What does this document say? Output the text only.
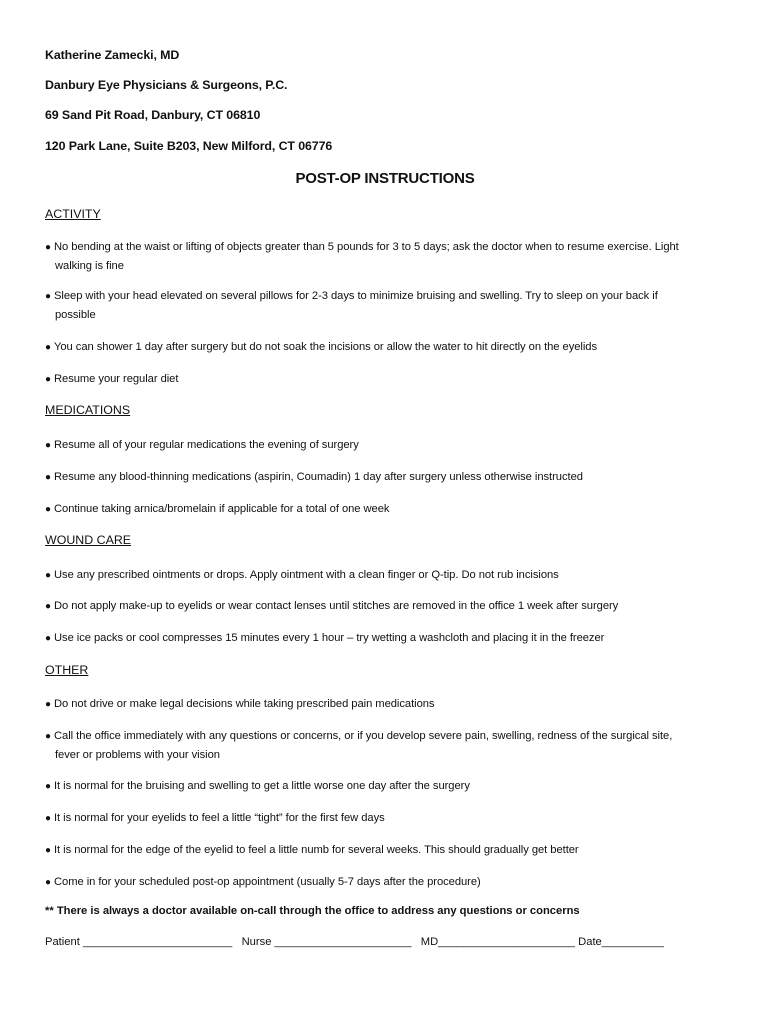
Katherine Zamecki, MD
Danbury Eye Physicians & Surgeons, P.C.
69 Sand Pit Road, Danbury, CT 06810
120 Park Lane, Suite B203, New Milford, CT 06776
POST-OP INSTRUCTIONS
ACTIVITY
● No bending at the waist or lifting of objects greater than 5 pounds for 3 to 5 days; ask the doctor when to resume exercise. Light
walking is fine
● Sleep with your head elevated on several pillows for 2-3 days to minimize bruising and swelling. Try to sleep on your back if
possible
● You can shower 1 day after surgery but do not soak the incisions or allow the water to hit directly on the eyelids
● Resume your regular diet
MEDICATIONS
● Resume all of your regular medications the evening of surgery
● Resume any blood-thinning medications (aspirin, Coumadin) 1 day after surgery unless otherwise instructed
● Continue taking arnica/bromelain if applicable for a total of one week
WOUND CARE
● Use any prescribed ointments or drops. Apply ointment with a clean finger or Q-tip. Do not rub incisions
● Do not apply make-up to eyelids or wear contact lenses until stitches are removed in the office 1 week after surgery
● Use ice packs or cool compresses 15 minutes every 1 hour – try wetting a washcloth and placing it in the freezer
OTHER
● Do not drive or make legal decisions while taking prescribed pain medications
● Call the office immediately with any questions or concerns, or if you develop severe pain, swelling, redness of the surgical site,
fever or problems with your vision
● It is normal for the bruising and swelling to get a little worse one day after the surgery
● It is normal for your eyelids to feel a little “tight” for the first few days
● It is normal for the edge of the eyelid to feel a little numb for several weeks. This should gradually get better
● Come in for your scheduled post-op appointment (usually 5-7 days after the procedure)
** There is always a doctor available on-call through the office to address any questions or concerns
Patient ________________________   Nurse ______________________   MD______________________ Date__________
